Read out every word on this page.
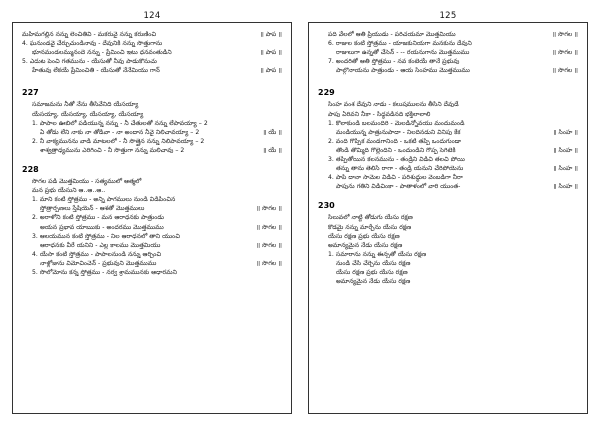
124
మహిమగల్లిన నన్ను లెంచితివి - మకరువై నన్ను కరుణించి	॥ పాప ॥
4. ఘనుండవై చేర్చుచుండినావు - దేవునికి నన్ను సొత్తుగాను
భూనమండలమ్మునందె నన్ను - ప్రేమించి ఇటు ధనవంతుడిని	॥ పాప ॥
5. ఎదుట పెంచి గతమును - యేసుతో నీవు పాడుకొనుచు
హేతువు లేకయే ప్రేమించితి - యేసుతో నేనేమియు గాన్	॥ పాప ॥
227
సమాజమను నీతో నేను తీసివేనిది యేసయ్యా
యేసయ్యా, యేసయ్యా, యేసయ్యా, యేసయ్యా
1. పాపాల ఊబిలో పడియున్న నన్ను - నీ చేతులతో నన్ను లేపావయ్యా – 2
ఏ తోడు లేని నాకు నా తోడివా - నా అందాన నీవై నిలిచావయ్యా – 2	॥ యే ॥
2. నీ వాక్యమునను వాడి మాటలలో - నీ సొత్తైన నన్ను నిలిపావయ్యా – 2
శాశ్వత్రాధ్యమును ఎరిగించి - నీ సొత్తుగా నన్ను మలిచావు – 2	॥ యే ॥
228
సొగల పడి మొత్తమియు - సత్యములో ఆత్మలో
మన ప్రభు యేసుని ఆ..ఆ..ఆ..
1. మాని కంటి స్తోత్రము - అన్ని పాగములు నుండి విడిపించిన
స్తోత్రార్పణలు స్తేషియెన్ - ఆశతో మొత్తములు	॥ సొగల ॥
2. అరాళోని కంటి స్తోత్రము - మన ఆరాధనకు పాత్రుండు
అయన ప్రభావ యాఋకు - అందరము మొత్తముము	॥ సొగల ॥
3. ఆలయమున కంటి స్తోత్రము - నిల ఆరాధనలో తాని యుంచి
ఆరాధనకు వీరే యనిని - ఎల్ల కాలము మొత్తమియు	॥ సొగల ॥
4. యేసా కంటి స్తోత్రము - పాపాలనుండి నన్ను ఆర్చించి
నాళ్లోజును విమోచించెన్ - ప్రభువుని మొత్తముము	॥ సొగల ॥
5. సొలోమోను కన్న స్తోత్రము - నర్వ శ్రామమునకు ఆధారమని
125
పది వేలలో ఆతి ప్రియుడు - పరిచయమా మొత్తమియు	॥ సొగల ॥
6. రాజుల కంటి స్తోత్రము - యాజకునియగా మనకును దేవుని
రాజులుగా ఉన్నతో చేసెన్ - -- రయనుగాను మొత్తముము	॥ సొగల ॥
7. అందరితో ఆతి స్తోత్రము - నవ కంటెయే తానే ప్రభువు
పాల్గొనాయను పాత్రుండు - ఆయ సింహము మొత్తముము	॥ సొగల ॥
229
సింహ వంశ దేవుని నాడు - కలుషములను తీసిని దేవుడే
పాపు ఏరివని నీకా - సిద్ధవడినది భక్తిలాలాలి
1. కొలాకుండి బలమందిరి - మెలడిన్నోవయు మందుమండి
మండియున్న పాత్రునుపాదా - నిలదినడుని వినిపు కేక	॥ సింహ ॥
2. వంది గొప్పిక మండగానింది - ఒకటి తప్పి ఒందుగుండా
తొండి తొమ్మిది గొల్లెందిని - ఒందుండిని గొప్ప సెగిటెకి	॥ సింహ ॥
3. తప్పితోయిన కలనమును - తండ్రిని విడిచి తలచి పోయి
తన్ను తాను తెలిసి రాగా - తండ్రి యనుని చేరిపోయెను	॥ సింహ ॥
4. పాపి దానా సామెల విడిచి - పరిశుద్ధుల వెంబడిగా నీరా
పాపును గతిని విడిచింకా - పాతాళంలో వారి యుంత-	॥ సింహ ॥
230
సిలువలో నాట్టి తోడుగు యేసు రక్షణ
కొడమై నన్ను మార్చేను యేసు రక్షణ
యేసు రక్షణ ప్రభు యేసు రక్షణ
అమాన్యమైన నేడు యేసు రక్షణ
1. సమారాను నన్ను ఈన్సతో యేసు రక్షణ
నుండి చేసి చేర్చెను యేసు రక్షణ
యేసు రక్షణ ప్రభు యేసు రక్షణ
అమాన్యమైన నేడు యేసు రక్షణ
